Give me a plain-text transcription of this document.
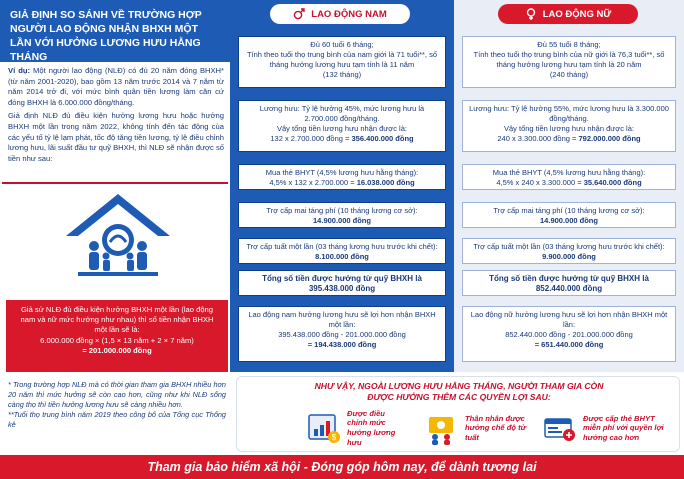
GIẢ ĐỊNH SO SÁNH VỀ TRƯỜNG HỢP NGƯỜI LAO ĐỘNG NHẬN BHXH MỘT LẦN VỚI HƯỞNG LƯƠNG HƯU HẰNG THÁNG

Ví dụ: Một người lao động (NLĐ) có đủ 20 năm đóng BHXH* (từ năm 2001-2020), bao gồm 13 năm trước 2014 và 7 năm từ năm 2014 trở đi, với mức bình quân tiền lương làm căn cứ đóng BHXH là 6.000.000 đồng/tháng.

Giả định NLĐ đủ điều kiện hưởng lương hưu hoặc hưởng BHXH một lần trong năm 2022, không tính đến tác động của các yếu tố tỷ lệ lạm phát, tốc độ tăng tiền lương, tỷ lệ điều chỉnh lương hưu, lãi suất đầu tư quỹ BHXH, thì NLĐ sẽ nhận được số tiền như sau:

Giả sử NLĐ đủ điều kiện hưởng BHXH một lần (lao động nam và nữ mức hưởng như nhau) thì số tiền nhận BHXH một lần sẽ là:
6.000.000 đồng × (1,5 × 13 năm + 2 × 7 năm)
= 201.000.000 đồng
* Trong trường hợp NLĐ mà có thời gian tham gia BHXH nhiều hơn 20 năm thì mức hưởng sẽ còn cao hơn, cũng như khi NLĐ sống càng thọ thì tiền hưởng lương hưu sẽ càng nhiều hơn.
**Tuổi thọ trung bình năm 2019 theo công bố của Tổng cục Thống kê
LAO ĐỘNG NAM
Đủ 60 tuổi 6 tháng;
Tính theo tuổi thọ trung bình của nam giới là 71 tuổi**, số tháng hưởng lương hưu tạm tính là 11 năm
(132 tháng)
Lương hưu: Tỷ lệ hưởng 45%, mức lương hưu là 2.700.000 đồng/tháng.
Vậy tổng tiền lương hưu nhận được là:
132 x 2.700.000 đồng = 356.400.000 đồng
Mua thẻ BHYT (4,5% lương hưu hằng tháng):
4,5% x 132 x 2.700.000 = 16.038.000 đồng
Trợ cấp mai táng phí (10 tháng lương cơ sở):
14.900.000 đồng
Trợ cấp tuất một lần (03 tháng lương hưu trước khi chết): 8.100.000 đồng
Tổng số tiền được hưởng từ quỹ BHXH là
395.438.000 đồng
Lao động nam hưởng lương hưu sẽ lợi hơn nhận BHXH một lần:
395.438.000 đồng - 201.000.000 đồng
= 194.438.000 đồng
LAO ĐỘNG NỮ
Đủ 55 tuổi 8 tháng;
Tính theo tuổi thọ trung bình của nữ giới là 76,3 tuổi**, số tháng hưởng lương hưu tạm tính là 20 năm
(240 tháng)
Lương hưu: Tỷ lệ hưởng 55%, mức lương hưu là 3.300.000 đồng/tháng.
Vậy tổng tiền lương hưu nhận được là:
240 x 3.300.000 đồng = 792.000.000 đồng
Mua thẻ BHYT (4,5% lương hưu hằng tháng):
4,5% x 240 x 3.300.000 = 35.640.000 đồng
Trợ cấp mai táng phí (10 tháng lương cơ sở):
14.900.000 đồng
Trợ cấp tuất một lần (03 tháng lương hưu trước khi chết): 9.900.000 đồng
Tổng số tiền được hưởng từ quỹ BHXH là
852.440.000 đồng
Lao động nữ hưởng lương hưu sẽ lợi hơn nhận BHXH một lần:
852.440.000 đồng - 201.000.000 đồng
= 651.440.000 đồng
NHƯ VẬY, NGOÀI LƯƠNG HƯU HẰNG THÁNG, NGƯỜI THAM GIA CÒN
ĐƯỢC HƯỞNG THÊM CÁC QUYỀN LỢI SAU:
$
Được điều chỉnh mức hưởng lương hưu
Thân nhân được hưởng chế độ tử tuất
Được cấp thẻ BHYT miễn phí với quyền lợi hưởng cao hơn
Tham gia bảo hiểm xã hội - Đóng góp hôm nay, để dành tương lai
